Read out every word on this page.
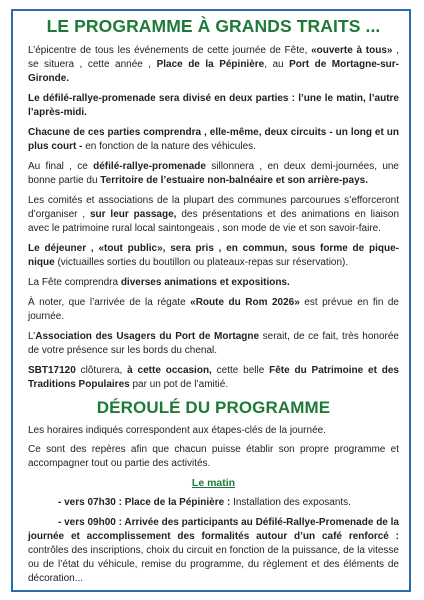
LE PROGRAMME À GRANDS TRAITS ...

L’épicentre de tous les événements de cette journée de Fête, «ouverte à tous» , se situera , cette année , Place de la Pépinière, au Port de Mortagne-sur-Gironde.

Le défilé-rallye-promenade sera divisé en deux parties : l’une le matin, l’autre l’après-midi.

Chacune de ces parties comprendra , elle-même, deux circuits - un long et un plus court - en fonction de la nature des véhicules.

Au final , ce défilé-rallye-promenade sillonnera , en deux demi-journées, une bonne partie du Territoire de l’estuaire non-balnéaire et son arrière-pays.

Les comités et associations de la plupart des communes parcourues s’efforceront d’organiser , sur leur passage, des présentations et des animations en liaison avec le patrimoine rural local saintongeais , son mode de vie et son savoir-faire.

Le déjeuner , «tout public», sera pris , en commun, sous forme de pique-nique (victuailles sorties du boutillon ou plateaux-repas sur réservation).

La Fête comprendra diverses animations et expositions.

À noter, que l’arrivée de la régate «Route du Rom 2026» est prévue en fin de journée.

L’Association des Usagers du Port de Mortagne serait, de ce fait, très honorée de votre présence sur les bords du chenal.

SBT17120 clôturera, à cette occasion, cette belle Fête du Patrimoine et des Traditions Populaires par un pot de l’amitié.

DÉROULÉ DU PROGRAMME

Les horaires indiqués correspondent aux étapes-clés de la journée.

Ce sont des repères afin que chacun puisse établir son propre programme et accompagner tout ou partie des activités.

Le matin

- vers 07h30 : Place de la Pépinière : Installation des exposants.

- vers 09h00 : Arrivée des participants au Défilé-Rallye-Promenade de la journée et accomplissement des formalités autour d’un café renforcé : contrôles des inscriptions, choix du circuit en fonction de la puissance, de la vitesse ou de l’état du véhicule, remise du programme, du règlement et des éléments de décoration...
